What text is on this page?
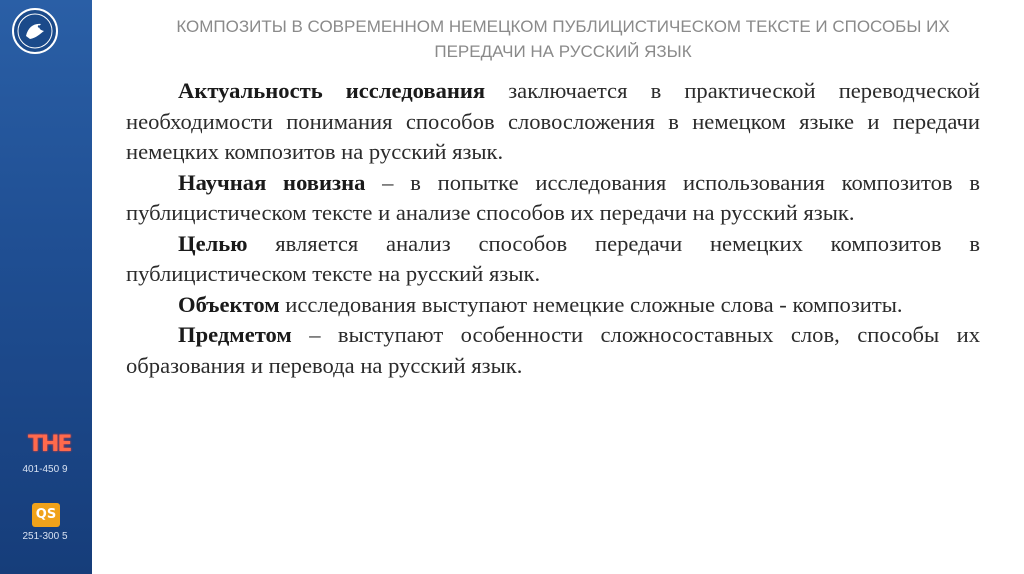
THE
401-450 9
QS
251-300 5
КОМПОЗИТЫ В СОВРЕМЕННОМ НЕМЕЦКОМ ПУБЛИЦИСТИЧЕСКОМ ТЕКСТЕ И СПОСОБЫ ИХ ПЕРЕДАЧИ НА РУССКИЙ ЯЗЫК

Актуальность исследования заключается в практической переводческой необходимости понимания способов словосложения в немецком языке и передачи немецких композитов на русский язык.

Научная новизна – в попытке исследования использования композитов в публицистическом тексте и анализе способов их передачи на русский язык.

Целью является анализ способов передачи немецких композитов в публицистическом тексте на русский язык.

Объектом исследования выступают немецкие сложные слова - композиты.

Предметом – выступают особенности сложносоставных слов, способы их образования и перевода на русский язык.
